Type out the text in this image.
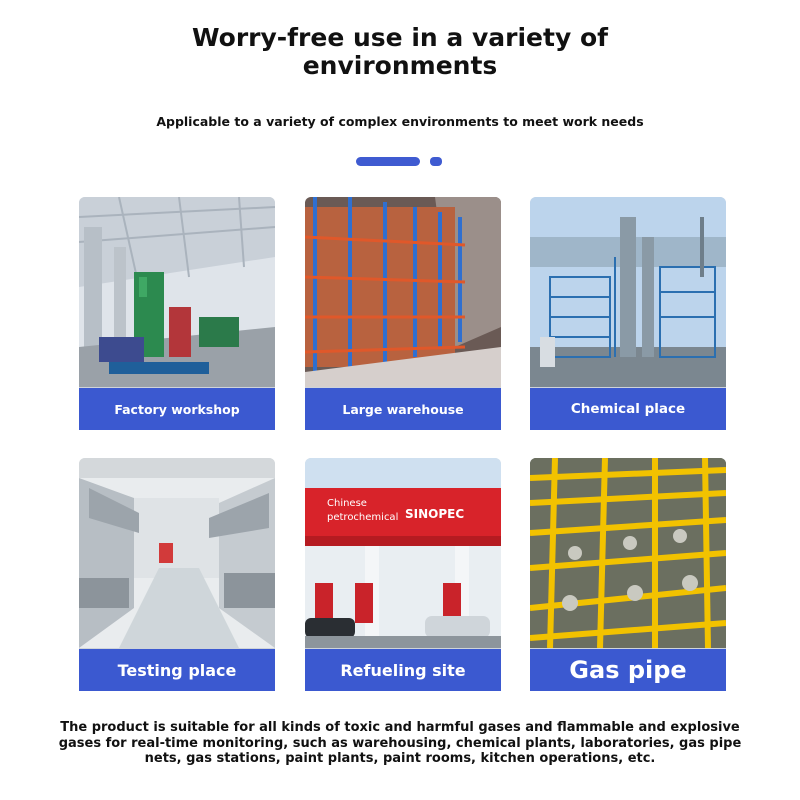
Worry-free use in a variety of
environments
Applicable to a variety of complex environments to meet work needs
Factory workshop	Large warehouse	Chemical place
Testing place
Chinese
petrochemical SINOPEC
Refueling site	Gas pipe
The product is suitable for all kinds of toxic and harmful gases and flammable and explosive gases for real-time monitoring, such as warehousing, chemical plants, laboratories, gas pipe nets, gas stations, paint plants, paint rooms, kitchen operations, etc.
